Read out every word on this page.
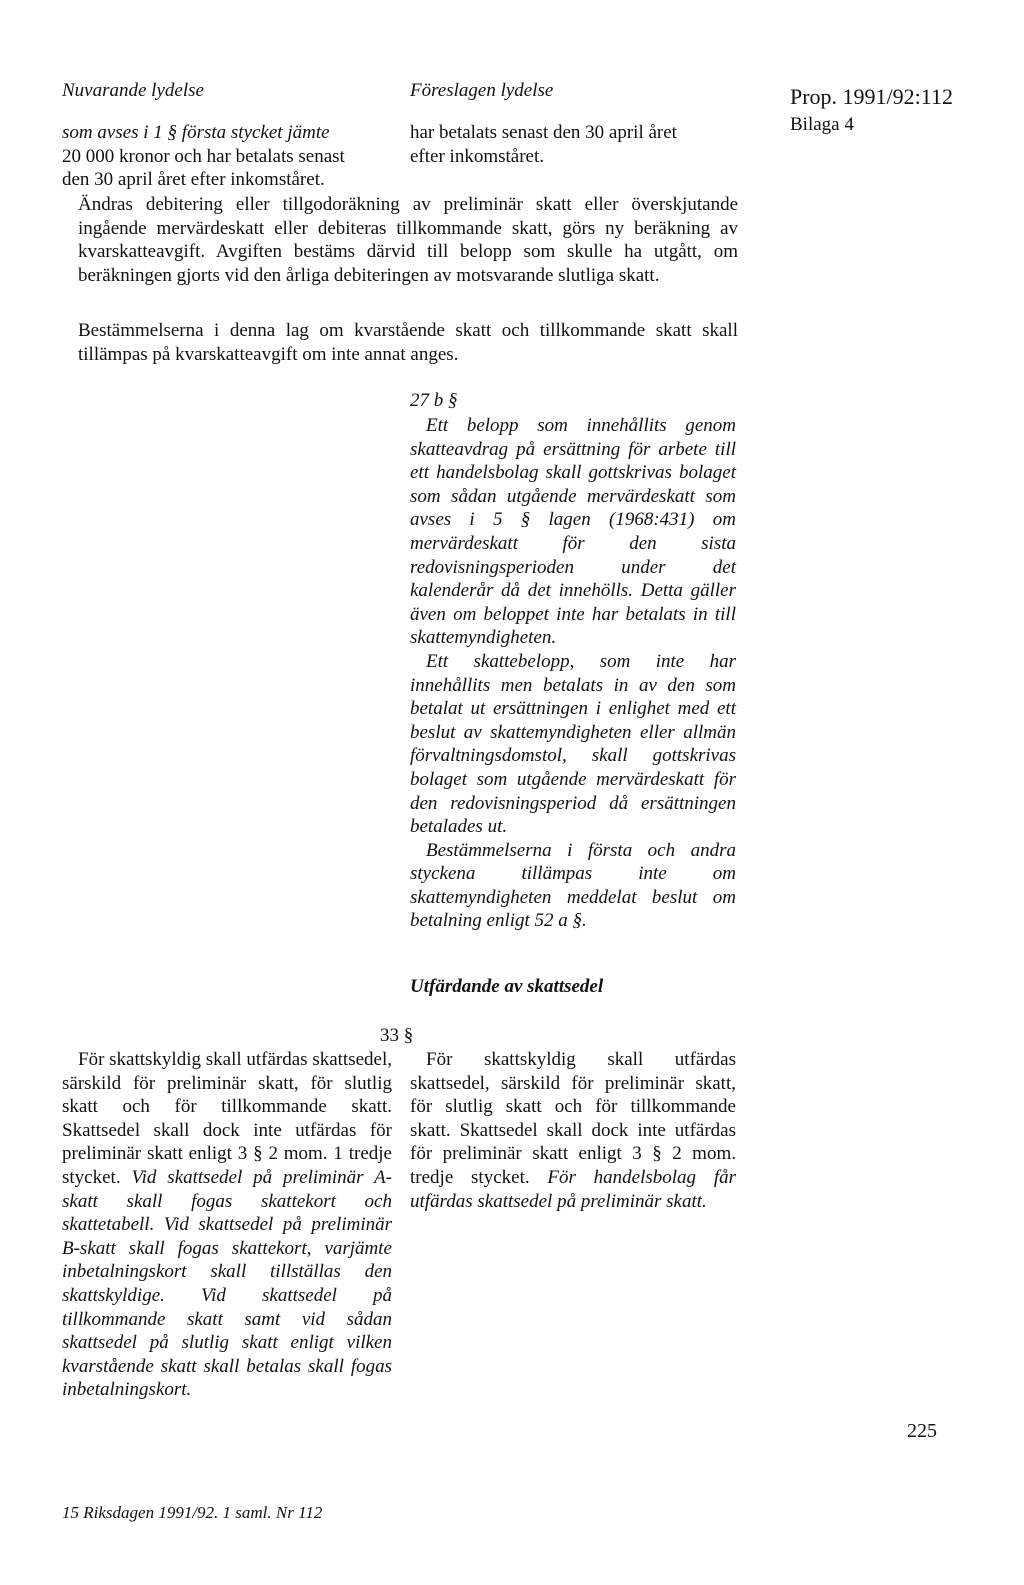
Nuvarande lydelse	Föreslagen lydelse	Prop. 1991/92:112
Bilaga 4
som avses i 1 § första stycket jämte
20 000 kronor och har betalats senast
den 30 april året efter inkomståret.
har betalats senast den 30 april året
efter inkomståret.

Ändras debitering eller tillgodoräkning av preliminär skatt eller överskjutande ingående mervärdeskatt eller debiteras tillkommande skatt, görs ny beräkning av kvarskatteavgift. Avgiften bestäms därvid till belopp som skulle ha utgått, om beräkningen gjorts vid den årliga debiteringen av motsvarande slutliga skatt.

Bestämmelserna i denna lag om kvarstående skatt och tillkommande skatt skall tillämpas på kvarskatteavgift om inte annat anges.

27 b §
Ett belopp som innehållits genom skatteavdrag på ersättning för arbete till ett handelsbolag skall gottskrivas bolaget som sådan utgående mervärdeskatt som avses i 5 § lagen (1968:431) om mervärdeskatt för den sista redovisningsperioden under det kalenderår då det innehölls. Detta gäller även om beloppet inte har betalats in till skattemyndigheten.
Ett skattebelopp, som inte har innehållits men betalats in av den som betalat ut ersättningen i enlighet med ett beslut av skattemyndigheten eller allmän förvaltningsdomstol, skall gottskrivas bolaget som utgående mervärdeskatt för den redovisningsperiod då ersättningen betalades ut.
Bestämmelserna i första och andra styckena tillämpas inte om skattemyndigheten meddelat beslut om betalning enligt 52 a §.
Utfärdande av skattsedel
33 §
För skattskyldig skall utfärdas skattsedel, särskild för preliminär skatt, för slutlig skatt och för tillkommande skatt. Skattsedel skall dock inte utfärdas för preliminär skatt enligt 3 § 2 mom. 1 tredje stycket. Vid skattsedel på preliminär A-skatt skall fogas skattekort och skattetabell. Vid skattsedel på preliminär B-skatt skall fogas skattekort, varjämte inbetalningskort skall tillställas den skattskyldige. Vid skattsedel på tillkommande skatt samt vid sådan skattsedel på slutlig skatt enligt vilken kvarstående skatt skall betalas skall fogas inbetalningskort.
För skattskyldig skall utfärdas skattsedel, särskild för preliminär skatt, för slutlig skatt och för tillkommande skatt. Skattsedel skall dock inte utfärdas för preliminär skatt enligt 3 § 2 mom. tredje stycket. För handelsbolag får utfärdas skattsedel på preliminär skatt.
225
15 Riksdagen 1991/92. 1 saml. Nr 112
